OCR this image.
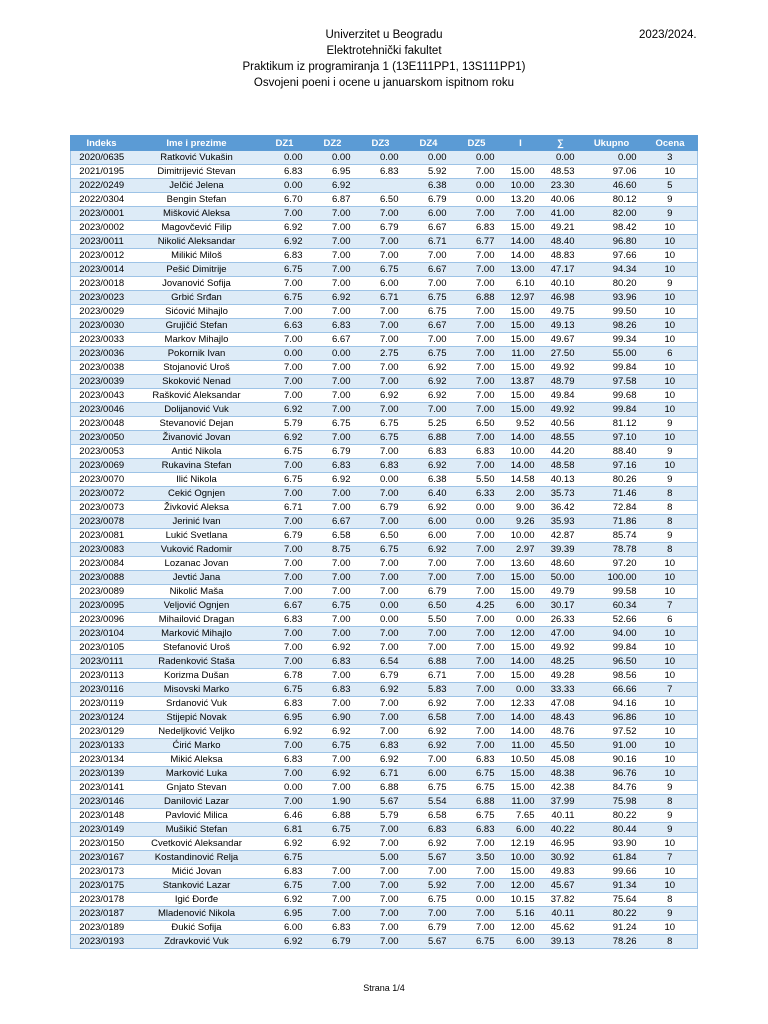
Univerzitet u Beogradu
Elektrotehnički fakultet
Praktikum iz programiranja 1 (13E111PP1, 13S111PP1)
Osvojeni poeni i ocene u januarskom ispitnom roku
2023/2024.
Indeks	Ime i prezime	DZ1	DZ2	DZ3	DZ4	DZ5	I	∑	Ukupno	Ocena
2020/0635	Ratković Vukašin	0.00	0.00	0.00	0.00	0.00		0.00	0.00	3
2021/0195	Dimitrijević Stevan	6.83	6.95	6.83	5.92	7.00	15.00	48.53	97.06	10
2022/0249	Jelčić Jelena	0.00	6.92		6.38	0.00	10.00	23.30	46.60	5
2022/0304	Bengin Stefan	6.70	6.87	6.50	6.79	0.00	13.20	40.06	80.12	9
2023/0001	Mišković Aleksa	7.00	7.00	7.00	6.00	7.00	7.00	41.00	82.00	9
2023/0002	Magovčević Filip	6.92	7.00	6.79	6.67	6.83	15.00	49.21	98.42	10
2023/0011	Nikolić Aleksandar	6.92	7.00	7.00	6.71	6.77	14.00	48.40	96.80	10
2023/0012	Milikić Miloš	6.83	7.00	7.00	7.00	7.00	14.00	48.83	97.66	10
2023/0014	Pešić Dimitrije	6.75	7.00	6.75	6.67	7.00	13.00	47.17	94.34	10
2023/0018	Jovanović Sofija	7.00	7.00	6.00	7.00	7.00	6.10	40.10	80.20	9
2023/0023	Grbić Srđan	6.75	6.92	6.71	6.75	6.88	12.97	46.98	93.96	10
2023/0029	Sićović Mihajlo	7.00	7.00	7.00	6.75	7.00	15.00	49.75	99.50	10
2023/0030	Grujičić Stefan	6.63	6.83	7.00	6.67	7.00	15.00	49.13	98.26	10
2023/0033	Markov Mihajlo	7.00	6.67	7.00	7.00	7.00	15.00	49.67	99.34	10
2023/0036	Pokornik Ivan	0.00	0.00	2.75	6.75	7.00	11.00	27.50	55.00	6
2023/0038	Stojanović Uroš	7.00	7.00	7.00	6.92	7.00	15.00	49.92	99.84	10
2023/0039	Skoković Nenad	7.00	7.00	7.00	6.92	7.00	13.87	48.79	97.58	10
2023/0043	Rašković Aleksandar	7.00	7.00	6.92	6.92	7.00	15.00	49.84	99.68	10
2023/0046	Dolijanović Vuk	6.92	7.00	7.00	7.00	7.00	15.00	49.92	99.84	10
2023/0048	Stevanović Dejan	5.79	6.75	6.75	5.25	6.50	9.52	40.56	81.12	9
2023/0050	Živanović Jovan	6.92	7.00	6.75	6.88	7.00	14.00	48.55	97.10	10
2023/0053	Antić Nikola	6.75	6.79	7.00	6.83	6.83	10.00	44.20	88.40	9
2023/0069	Rukavina Stefan	7.00	6.83	6.83	6.92	7.00	14.00	48.58	97.16	10
2023/0070	Ilić Nikola	6.75	6.92	0.00	6.38	5.50	14.58	40.13	80.26	9
2023/0072	Cekić Ognjen	7.00	7.00	7.00	6.40	6.33	2.00	35.73	71.46	8
2023/0073	Živković Aleksa	6.71	7.00	6.79	6.92	0.00	9.00	36.42	72.84	8
2023/0078	Jerinić Ivan	7.00	6.67	7.00	6.00	0.00	9.26	35.93	71.86	8
2023/0081	Lukić Svetlana	6.79	6.58	6.50	6.00	7.00	10.00	42.87	85.74	9
2023/0083	Vuković Radomir	7.00	8.75	6.75	6.92	7.00	2.97	39.39	78.78	8
2023/0084	Lozanac Jovan	7.00	7.00	7.00	7.00	7.00	13.60	48.60	97.20	10
2023/0088	Jevtić Jana	7.00	7.00	7.00	7.00	7.00	15.00	50.00	100.00	10
2023/0089	Nikolić Maša	7.00	7.00	7.00	6.79	7.00	15.00	49.79	99.58	10
2023/0095	Veljović Ognjen	6.67	6.75	0.00	6.50	4.25	6.00	30.17	60.34	7
2023/0096	Mihailović Dragan	6.83	7.00	0.00	5.50	7.00	0.00	26.33	52.66	6
2023/0104	Marković Mihajlo	7.00	7.00	7.00	7.00	7.00	12.00	47.00	94.00	10
2023/0105	Stefanović Uroš	7.00	6.92	7.00	7.00	7.00	15.00	49.92	99.84	10
2023/0111	Radenković Staša	7.00	6.83	6.54	6.88	7.00	14.00	48.25	96.50	10
2023/0113	Korizma Dušan	6.78	7.00	6.79	6.71	7.00	15.00	49.28	98.56	10
2023/0116	Misovski Marko	6.75	6.83	6.92	5.83	7.00	0.00	33.33	66.66	7
2023/0119	Srdanović Vuk	6.83	7.00	7.00	6.92	7.00	12.33	47.08	94.16	10
2023/0124	Stijepić Novak	6.95	6.90	7.00	6.58	7.00	14.00	48.43	96.86	10
2023/0129	Nedeljković Veljko	6.92	6.92	7.00	6.92	7.00	14.00	48.76	97.52	10
2023/0133	Ćirić Marko	7.00	6.75	6.83	6.92	7.00	11.00	45.50	91.00	10
2023/0134	Mikić Aleksa	6.83	7.00	6.92	7.00	6.83	10.50	45.08	90.16	10
2023/0139	Marković Luka	7.00	6.92	6.71	6.00	6.75	15.00	48.38	96.76	10
2023/0141	Gnjato Stevan	0.00	7.00	6.88	6.75	6.75	15.00	42.38	84.76	9
2023/0146	Danilović Lazar	7.00	1.90	5.67	5.54	6.88	11.00	37.99	75.98	8
2023/0148	Pavlović Milica	6.46	6.88	5.79	6.58	6.75	7.65	40.11	80.22	9
2023/0149	Mušikić Stefan	6.81	6.75	7.00	6.83	6.83	6.00	40.22	80.44	9
2023/0150	Cvetković Aleksandar	6.92	6.92	7.00	6.92	7.00	12.19	46.95	93.90	10
2023/0167	Kostandinović Relja	6.75		5.00	5.67	3.50	10.00	30.92	61.84	7
2023/0173	Mićić Jovan	6.83	7.00	7.00	7.00	7.00	15.00	49.83	99.66	10
2023/0175	Stanković Lazar	6.75	7.00	7.00	5.92	7.00	12.00	45.67	91.34	10
2023/0178	Igić Đorđe	6.92	7.00	7.00	6.75	0.00	10.15	37.82	75.64	8
2023/0187	Mladenović Nikola	6.95	7.00	7.00	7.00	7.00	5.16	40.11	80.22	9
2023/0189	Đukić Sofija	6.00	6.83	7.00	6.79	7.00	12.00	45.62	91.24	10
2023/0193	Zdravković Vuk	6.92	6.79	7.00	5.67	6.75	6.00	39.13	78.26	8
Strana 1/4
